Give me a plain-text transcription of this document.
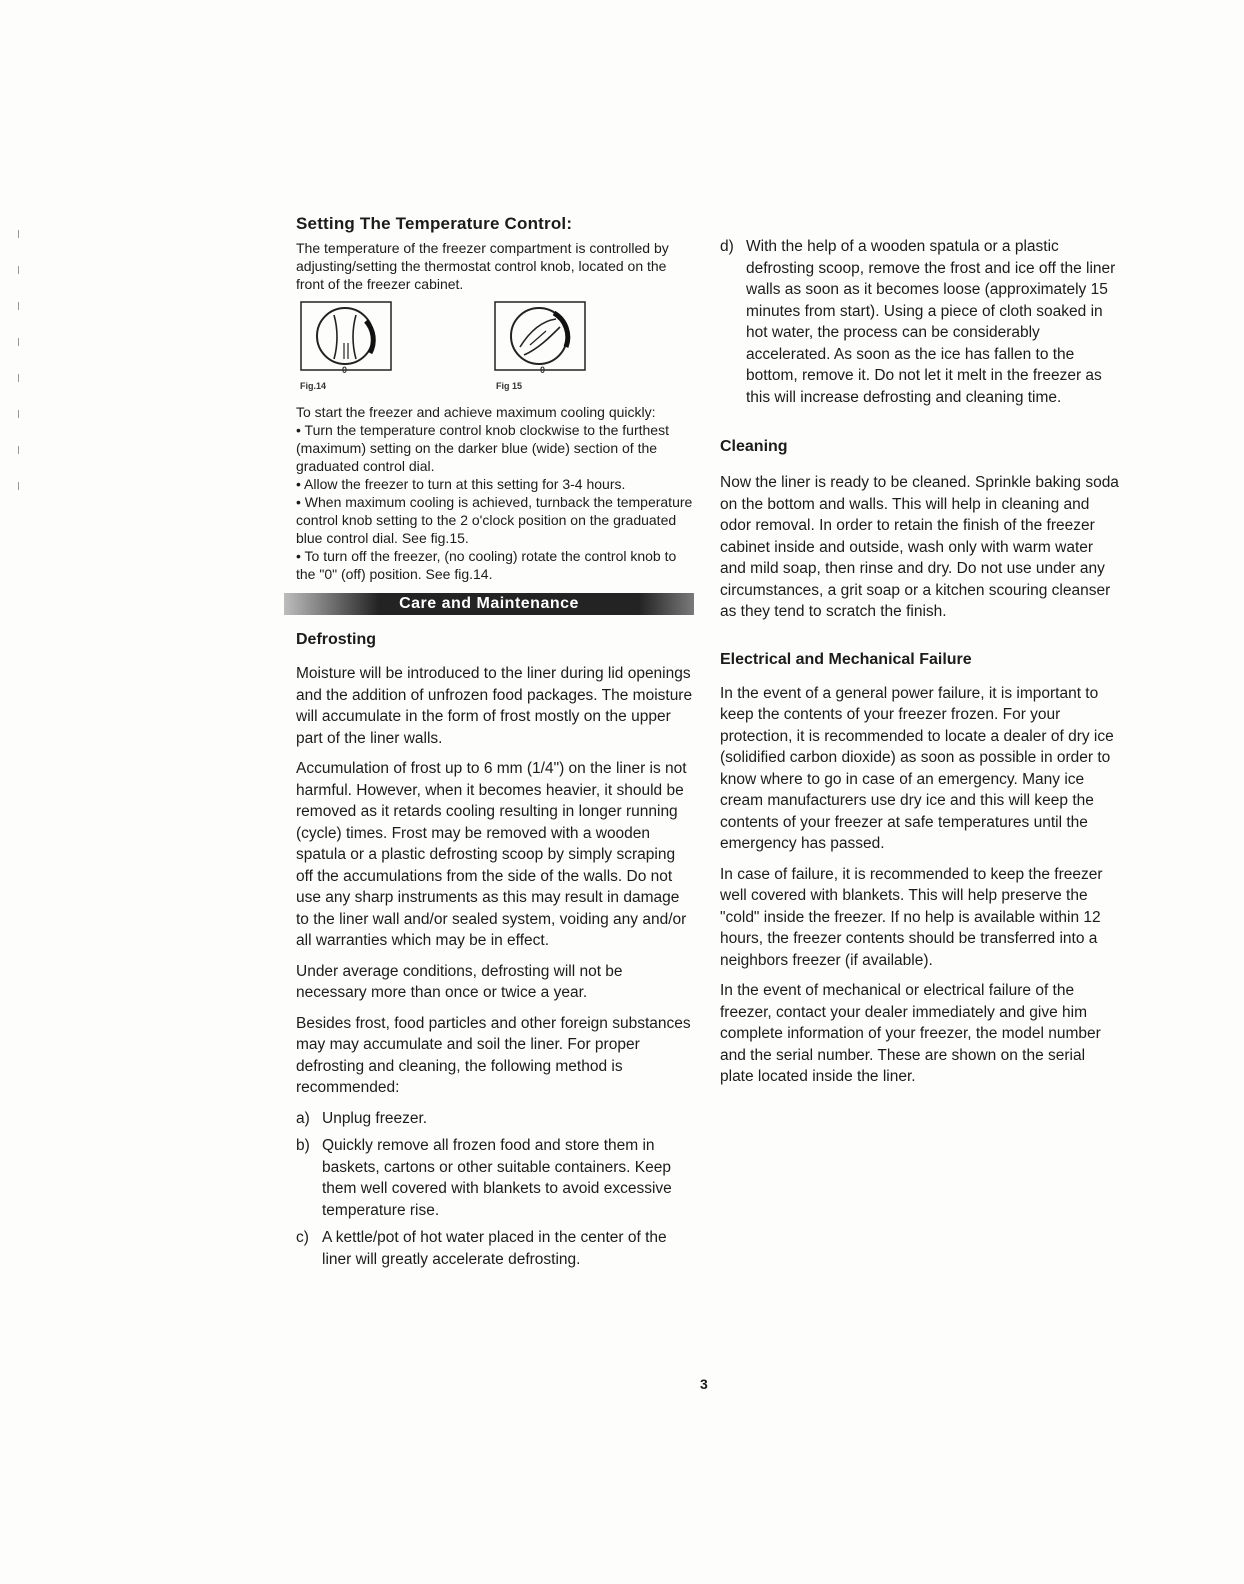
Setting The Temperature Control:

The temperature of the freezer compartment is controlled by adjusting/setting the thermostat control knob, located on the front of the freezer cabinet.

0
Fig.14
0
Fig 15

To start the freezer and achieve maximum cooling quickly:

• Turn the temperature control knob clockwise to the furthest (maximum) setting on the darker blue (wide) section of the graduated control dial.

• Allow the freezer to turn at this setting for 3-4 hours.

• When maximum cooling is achieved, turnback the temperature control knob setting to the 2 o'clock position on the graduated blue control dial. See fig.15.

• To turn off the freezer, (no cooling) rotate the control knob to the "0" (off) position. See fig.14.

Care and Maintenance

Defrosting

Moisture will be introduced to the liner during lid openings and the addition of unfrozen food packages. The moisture will accumulate in the form of frost mostly on the upper part of the liner walls.

Accumulation of frost up to 6 mm (1/4") on the liner is not harmful. However, when it becomes heavier, it should be removed as it retards cooling resulting in longer running (cycle) times. Frost may be removed with a wooden spatula or a plastic defrosting scoop by simply scraping off the accumulations from the side of the walls. Do not use any sharp instruments as this may result in damage to the liner wall and/or sealed system, voiding any and/or all warranties which may be in effect.

Under average conditions, defrosting will not be necessary more than once or twice a year.

Besides frost, food particles and other foreign substances may may accumulate and soil the liner. For proper defrosting and cleaning, the following method is recommended:

a) Unplug freezer.
b) Quickly remove all frozen food and store them in baskets, cartons or other suitable containers. Keep them well covered with blankets to avoid excessive temperature rise.
c) A kettle/pot of hot water placed in the center of the liner will greatly accelerate defrosting.
d) With the help of a wooden spatula or a plastic defrosting scoop, remove the frost and ice off the liner walls as soon as it becomes loose (approximately 15 minutes from start). Using a piece of cloth soaked in hot water, the process can be considerably accelerated. As soon as the ice has fallen to the bottom, remove it. Do not let it melt in the freezer as this will increase defrosting and cleaning time.

Cleaning

Now the liner is ready to be cleaned. Sprinkle baking soda on the bottom and walls. This will help in cleaning and odor removal. In order to retain the finish of the freezer cabinet inside and outside, wash only with warm water and mild soap, then rinse and dry. Do not use under any circumstances, a grit soap or a kitchen scouring cleanser as they tend to scratch the finish.

Electrical and Mechanical Failure

In the event of a general power failure, it is important to keep the contents of your freezer frozen. For your protection, it is recommended to locate a dealer of dry ice (solidified carbon dioxide) as soon as possible in order to know where to go in case of an emergency. Many ice cream manufacturers use dry ice and this will keep the contents of your freezer at safe temperatures until the emergency has passed.

In case of failure, it is recommended to keep the freezer well covered with blankets. This will help preserve the "cold" inside the freezer. If no help is available within 12 hours, the freezer contents should be transferred into a neighbors freezer (if available).

In the event of mechanical or electrical failure of the freezer, contact your dealer immediately and give him complete information of your freezer, the model number and the serial number. These are shown on the serial plate located inside the liner.

3
